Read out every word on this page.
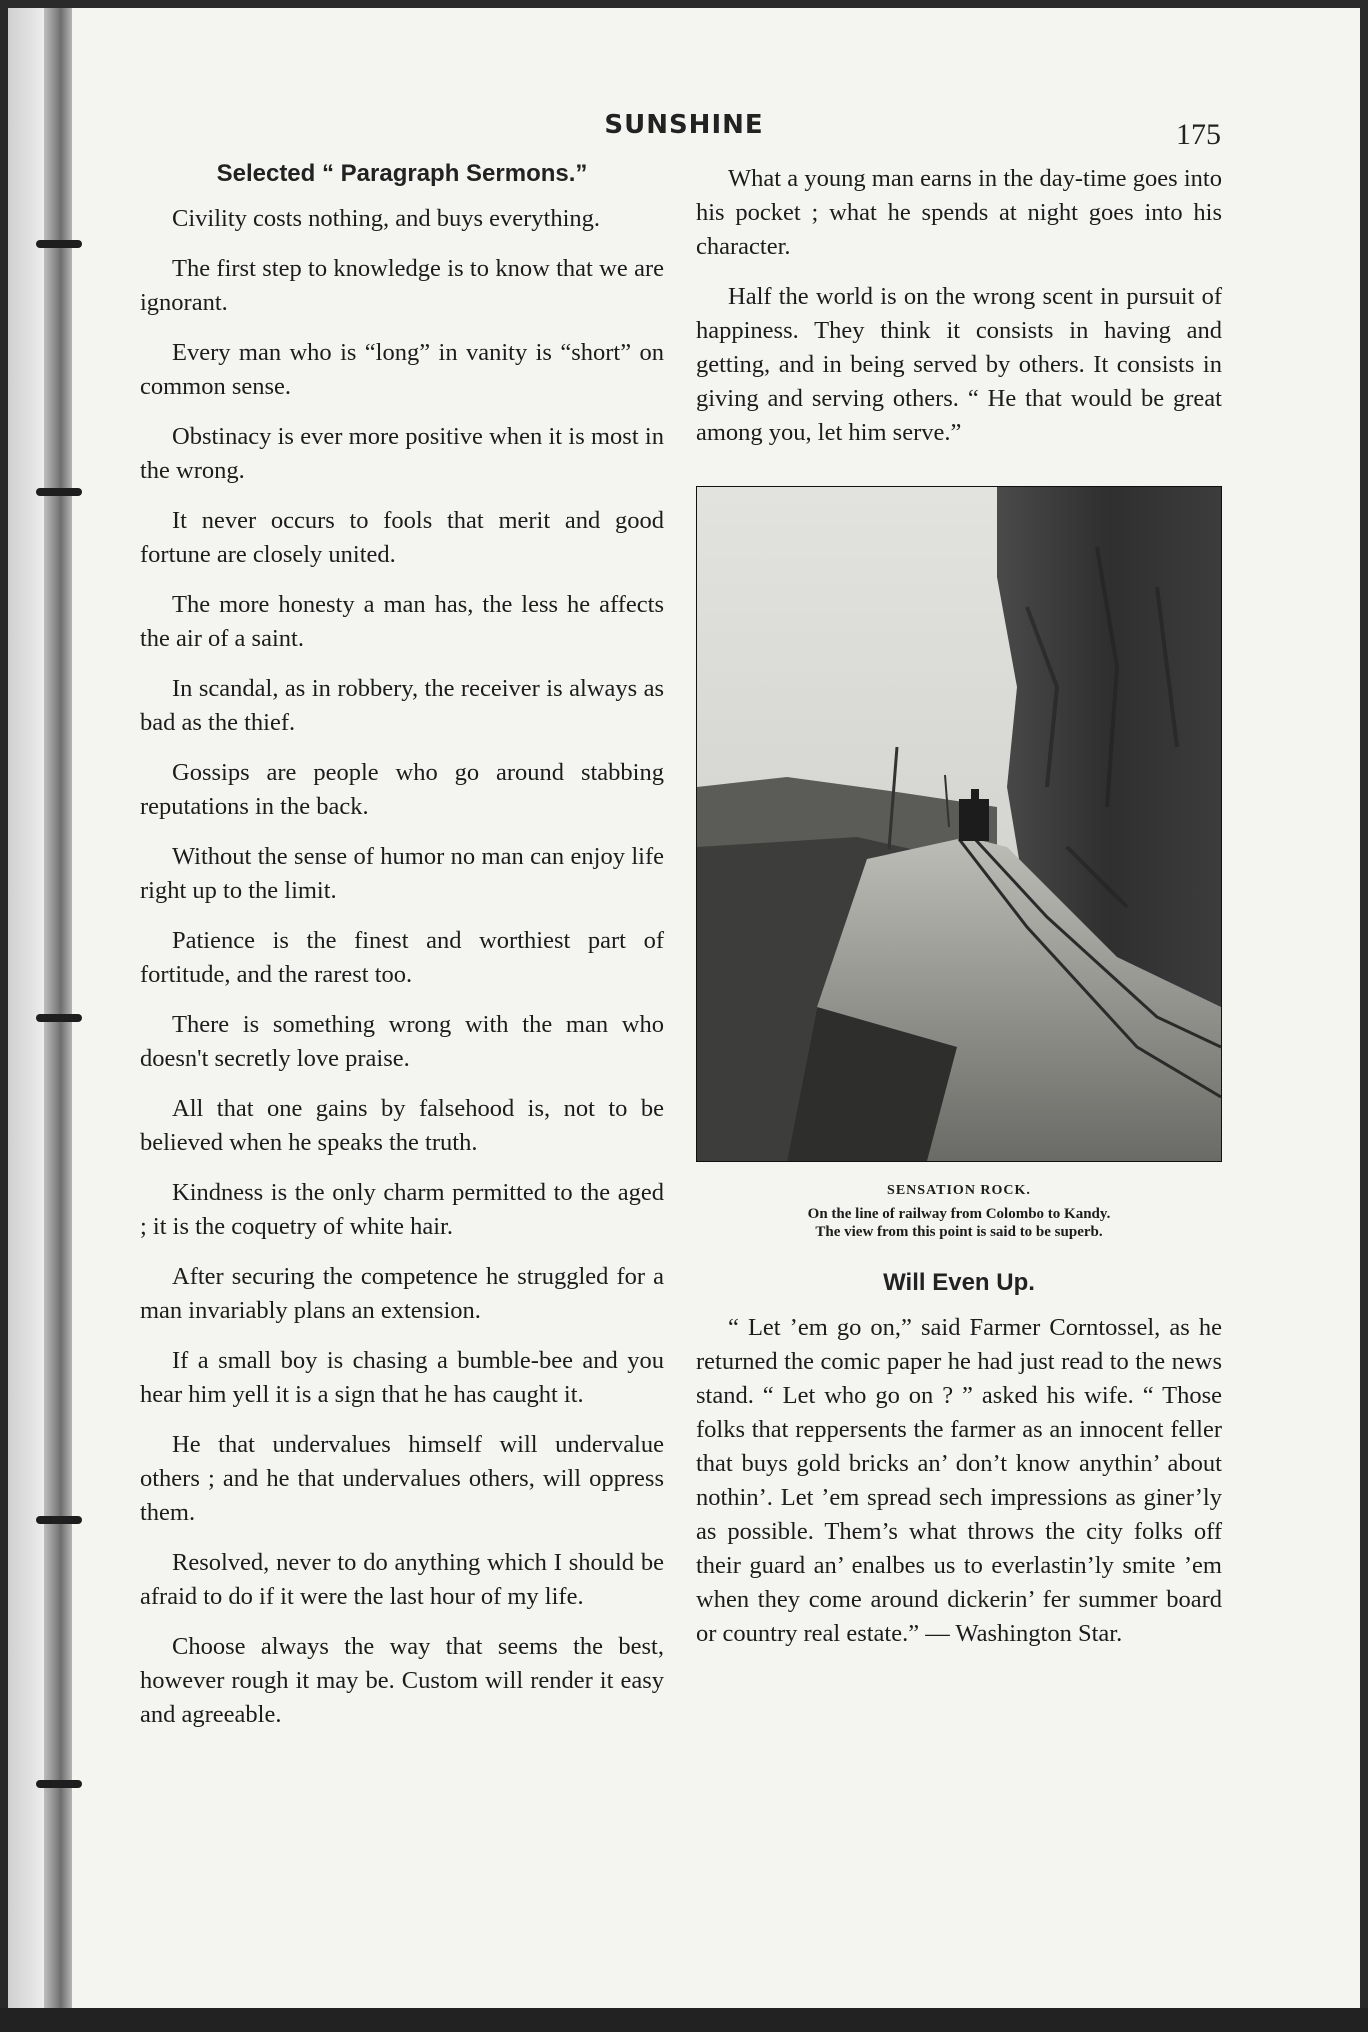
SUNSHINE	175
Selected “ Paragraph Sermons.”

Civility costs nothing, and buys everything.

The first step to knowledge is to know that we are ignorant.

Every man who is “long” in vanity is “short” on common sense.

Obstinacy is ever more positive when it is most in the wrong.

It never occurs to fools that merit and good fortune are closely united.

The more honesty a man has, the less he affects the air of a saint.

In scandal, as in robbery, the receiver is always as bad as the thief.

Gossips are people who go around stabbing reputations in the back.

Without the sense of humor no man can enjoy life right up to the limit.

Patience is the finest and worthiest part of fortitude, and the rarest too.

There is something wrong with the man who doesn't secretly love praise.

All that one gains by falsehood is, not to be believed when he speaks the truth.

Kindness is the only charm permitted to the aged ; it is the coquetry of white hair.

After securing the competence he struggled for a man invariably plans an extension.

If a small boy is chasing a bumble-bee and you hear him yell it is a sign that he has caught it.

He that undervalues himself will undervalue others ; and he that undervalues others, will oppress them.

Resolved, never to do anything which I should be afraid to do if it were the last hour of my life.

Choose always the way that seems the best, however rough it may be. Custom will render it easy and agreeable.

What a young man earns in the day-time goes into his pocket ; what he spends at night goes into his character.

Half the world is on the wrong scent in pursuit of happiness. They think it consists in having and getting, and in being served by others. It consists in giving and serving others. “ He that would be great among you, let him serve.”

SENSATION ROCK.
On the line of railway from Colombo to Kandy.
The view from this point is said to be superb.
Will Even Up.

“ Let ’em go on,” said Farmer Corntossel, as he returned the comic paper he had just read to the news stand. “ Let who go on ? ” asked his wife. “ Those folks that reppersents the farmer as an innocent feller that buys gold bricks an’ don’t know anythin’ about nothin’. Let ’em spread sech impressions as giner’ly as possible. Them’s what throws the city folks off their guard an’ enalbes us to everlastin’ly smite ’em when they come around dickerin’ fer summer board or country real estate.” — Washington Star.
